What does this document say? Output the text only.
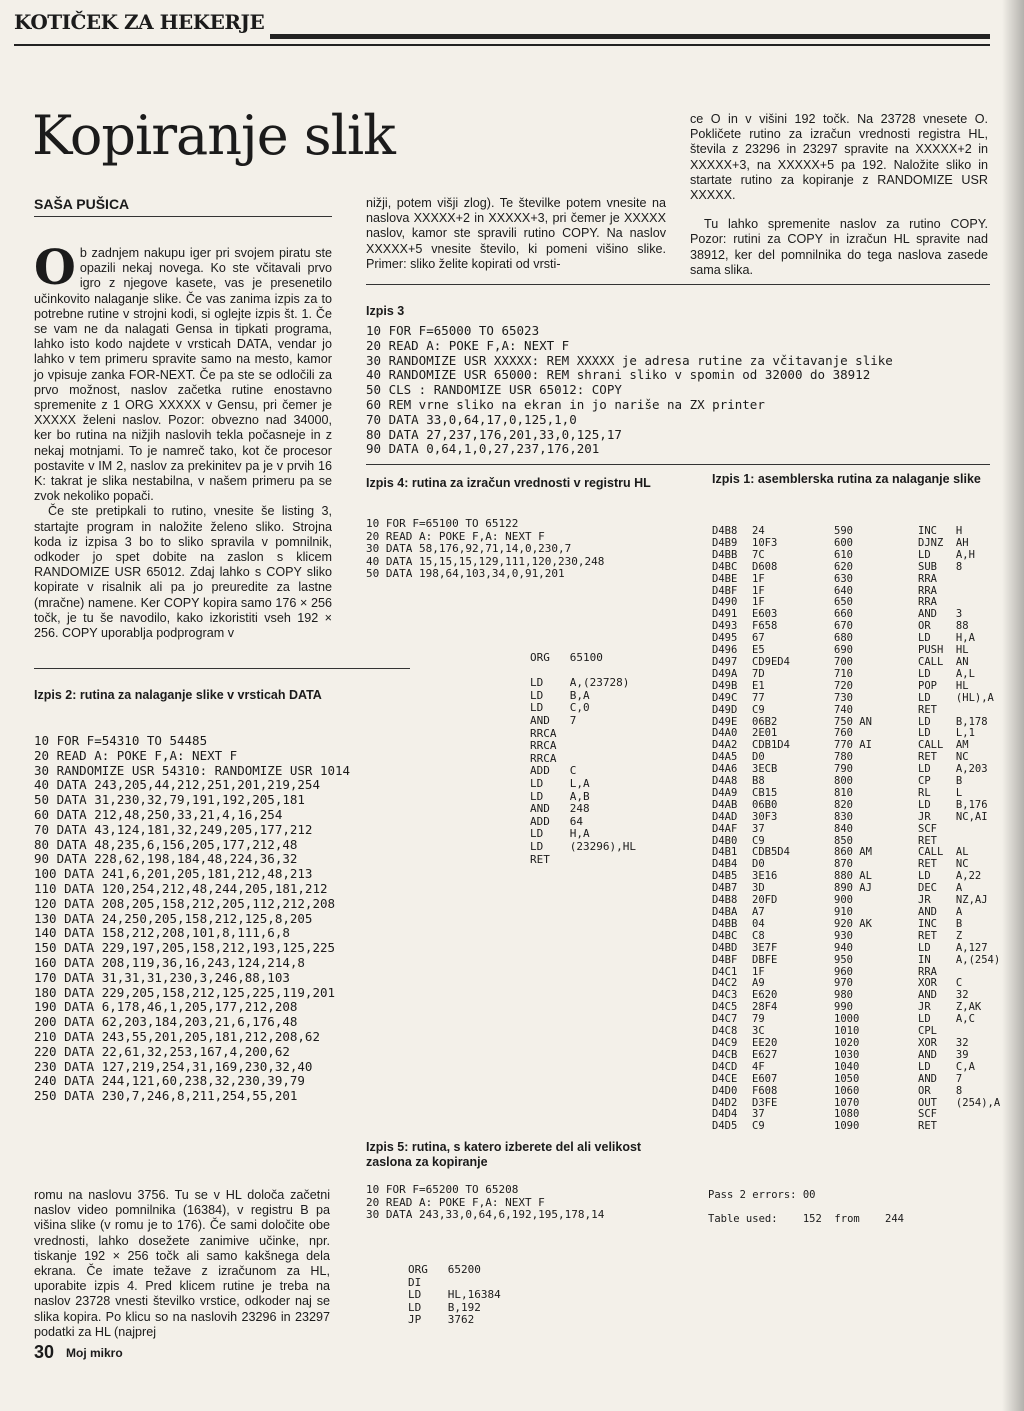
KOTIČEK ZA HEKERJE
Kopiranje slik
SAŠA PUŠICA

Ob zadnjem nakupu iger pri svojem piratu ste opazili nekaj novega. Ko ste včitavali prvo igro z njegove kasete, vas je presenetilo učinkovito nalaganje slike. Če vas zanima izpis za to potrebne rutine v strojni kodi, si oglejte izpis št. 1. Če se vam ne da nalagati Gensa in tipkati programa, lahko isto kodo najdete v vrsticah DATA, vendar jo lahko v tem primeru spravite samo na mesto, kamor jo vpisuje zanka FOR-NEXT. Če pa ste se odločili za prvo možnost, naslov začetka rutine enostavno spremenite z 1 ORG XXXXX v Gensu, pri čemer je XXXXX želeni naslov. Pozor: obvezno nad 34000, ker bo rutina na nižjih naslovih tekla počasneje in z nekaj motnjami. To je namreč tako, kot če procesor postavite v IM 2, naslov za prekinitev pa je v prvih 16 K: takrat je slika nestabilna, v našem primeru pa se zvok nekoliko popači.

Če ste pretipkali to rutino, vnesite še listing 3, startajte program in naložite želeno sliko. Strojna koda iz izpisa 3 bo to sliko spravila v pomnilnik, odkoder jo spet dobite na zaslon s klicem RANDOMIZE USR 65012. Zdaj lahko s COPY sliko kopirate v risalnik ali pa jo preuredite za lastne (mračne) namene. Ker COPY kopira samo 176 × 256 točk, je tu še navodilo, kako izkoristiti vseh 192 × 256. COPY uporablja podprogram v

nižji, potem višji zlog). Te številke potem vnesite na naslova XXXXX+2 in XXXXX+3, pri čemer je XXXXX naslov, kamor ste spravili rutino COPY. Na naslov XXXXX+5 vnesite število, ki pomeni višino slike. Primer: sliko želite kopirati od vrsti-

ce O in v višini 192 točk. Na 23728 vnesete O. Pokličete rutino za izračun vrednosti registra HL, števila z 23296 in 23297 spravite na XXXXX+2 in XXXXX+3, na XXXXX+5 pa 192. Naložite sliko in startate rutino za kopiranje z RANDOMIZE USR XXXXX.

Tu lahko spremenite naslov za rutino COPY. Pozor: rutini za COPY in izračun HL spravite nad 38912, ker del pomnilnika do tega naslova zasede sama slika.

Izpis 3
10 FOR F=65000 TO 65023
20 READ A: POKE F,A: NEXT F
30 RANDOMIZE USR XXXXX: REM XXXXX je adresa rutine za včitavanje slike
40 RANDOMIZE USR 65000: REM shrani sliko v spomin od 32000 do 38912
50 CLS : RANDOMIZE USR 65012: COPY
60 REM vrne sliko na ekran in jo nariše na ZX printer
70 DATA 33,0,64,17,0,125,1,0
80 DATA 27,237,176,201,33,0,125,17
90 DATA 0,64,1,0,27,237,176,201
Izpis 4: rutina za izračun vrednosti v registru HL
10 FOR F=65100 TO 65122
20 READ A: POKE F,A: NEXT F
30 DATA 58,176,92,71,14,0,230,7
40 DATA 15,15,15,129,111,120,230,248
50 DATA 198,64,103,34,0,91,201
ORG   65100

LD    A,(23728)
LD    B,A
LD    C,0
AND   7
RRCA
RRCA
RRCA
ADD   C
LD    L,A
LD    A,B
AND   248
ADD   64
LD    H,A
LD    (23296),HL
RET
Izpis 2: rutina za nalaganje slike v vrsticah DATA
10 FOR F=54310 TO 54485
20 READ A: POKE F,A: NEXT F
30 RANDOMIZE USR 54310: RANDOMIZE USR 1014
40 DATA 243,205,44,212,251,201,219,254
50 DATA 31,230,32,79,191,192,205,181
60 DATA 212,48,250,33,21,4,16,254
70 DATA 43,124,181,32,249,205,177,212
80 DATA 48,235,6,156,205,177,212,48
90 DATA 228,62,198,184,48,224,36,32
100 DATA 241,6,201,205,181,212,48,213
110 DATA 120,254,212,48,244,205,181,212
120 DATA 208,205,158,212,205,112,212,208
130 DATA 24,250,205,158,212,125,8,205
140 DATA 158,212,208,101,8,111,6,8
150 DATA 229,197,205,158,212,193,125,225
160 DATA 208,119,36,16,243,124,214,8
170 DATA 31,31,31,230,3,246,88,103
180 DATA 229,205,158,212,125,225,119,201
190 DATA 6,178,46,1,205,177,212,208
200 DATA 62,203,184,203,21,6,176,48
210 DATA 243,55,201,205,181,212,208,62
220 DATA 22,61,32,253,167,4,200,62
230 DATA 127,219,254,31,169,230,32,40
240 DATA 244,121,60,238,32,230,39,79
250 DATA 230,7,246,8,211,254,55,201
Izpis 1: asemblerska rutina za nalaganje slike
D4B8
D4B9
D4BB
D4BC
D4BE
D4BF
D490
D491
D493
D495
D496
D497
D49A
D49B
D49C
D49D
D49E
D4A0
D4A2
D4A5
D4A6
D4A8
D4A9
D4AB
D4AD
D4AF
D4B0
D4B1
D4B4
D4B5
D4B7
D4B8
D4BA
D4BB
D4BC
D4BD
D4BF
D4C1
D4C2
D4C3
D4C5
D4C7
D4C8
D4C9
D4CB
D4CD
D4CE
D4D0
D4D2
D4D4
D4D5
24
10F3
7C
D608
1F
1F
1F
E603
F658
67
E5
CD9ED4
7D
E1
77
C9
06B2
2E01
CDB1D4
D0
3ECB
B8
CB15
06B0
30F3
37
C9
CDB5D4
D0
3E16
3D
20FD
A7
04
C8
3E7F
DBFE
1F
A9
E620
28F4
79
3C
EE20
E627
4F
E607
F608
D3FE
37
C9
590
600
610
620
630
640
650
660
670
680
690
700
710
720
730
740
750 AN
760
770 AI
780
790
800
810
820
830
840
850
860 AM
870
880 AL
890 AJ
900
910
920 AK
930
940
950
960
970
980
990
1000
1010
1020
1030
1040
1050
1060
1070
1080
1090
INC   H
DJNZ  AH
LD    A,H
SUB   8
RRA
RRA
RRA
AND   3
OR    88
LD    H,A
PUSH  HL
CALL  AN
LD    A,L
POP   HL
LD    (HL),A
RET
LD    B,178
LD    L,1
CALL  AM
RET   NC
LD    A,203
CP    B
RL    L
LD    B,176
JR    NC,AI
SCF
RET
CALL  AL
RET   NC
LD    A,22
DEC   A
JR    NZ,AJ
AND   A
INC   B
RET   Z
LD    A,127
IN    A,(254)
RRA
XOR   C
AND   32
JR    Z,AK
LD    A,C
CPL
XOR   32
AND   39
LD    C,A
AND   7
OR    8
OUT   (254),A
SCF
RET
Pass 2 errors: 00

Table used:    152  from    244
Izpis 5: rutina, s katero izberete del ali velikost zaslona za kopiranje
10 FOR F=65200 TO 65208
20 READ A: POKE F,A: NEXT F
30 DATA 243,33,0,64,6,192,195,178,14
ORG   65200
DI
LD    HL,16384
LD    B,192
JP    3762

romu na naslovu 3756. Tu se v HL določa začetni naslov video pomnilnika (16384), v registru B pa višina slike (v romu je to 176). Če sami določite obe vrednosti, lahko dosežete zanimive učinke, npr. tiskanje 192 × 256 točk ali samo kakšnega dela ekrana. Če imate težave z izračunom za HL, uporabite izpis 4. Pred klicem rutine je treba na naslov 23728 vnesti številko vrstice, odkoder naj se slika kopira. Po klicu so na naslovih 23296 in 23297 podatki za HL (najprej

30 Moj mikro
